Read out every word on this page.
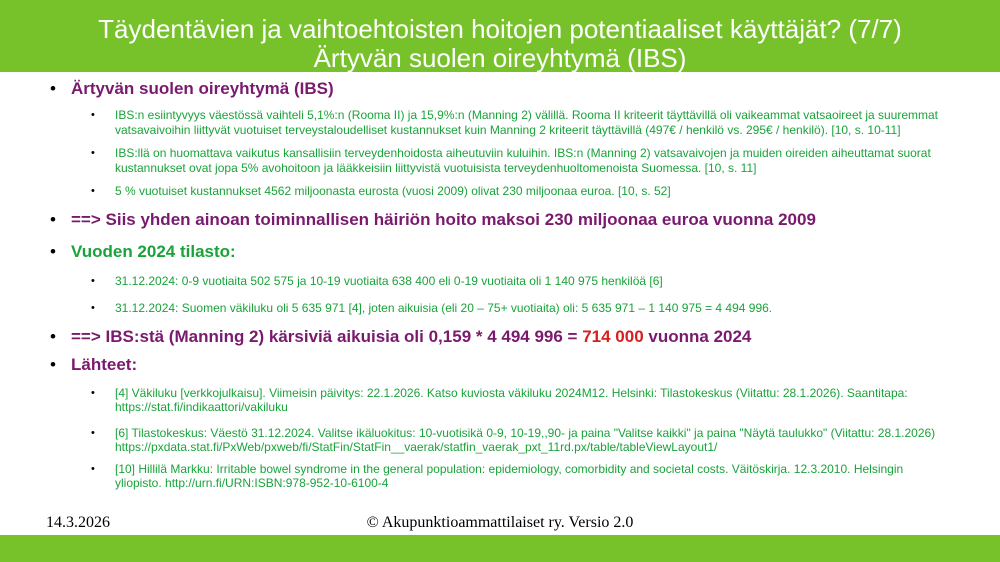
Täydentävien ja vaihtoehtoisten hoitojen potentiaaliset käyttäjät? (7/7)
Ärtyvän suolen oireyhtymä (IBS)
• Ärtyvän suolen oireyhtymä (IBS)
• IBS:n esiintyvyys väestössä vaihteli 5,1%:n (Rooma II) ja 15,9%:n (Manning 2) välillä. Rooma II kriteerit täyttävillä oli vaikeammat vatsaoireet ja suuremmat vatsavaivoihin liittyvät vuotuiset terveystaloudelliset kustannukset kuin Manning 2 kriteerit täyttävillä (497€ / henkilö vs. 295€ / henkilö). [10, s. 10-11]
• IBS:llä on huomattava vaikutus kansallisiin terveydenhoidosta aiheutuviin kuluihin. IBS:n (Manning 2) vatsavaivojen ja muiden oireiden aiheuttamat suorat kustannukset ovat jopa 5% avohoitoon ja lääkkeisiin liittyvistä vuotuisista terveydenhuoltomenoista Suomessa. [10, s. 11]
• 5 % vuotuiset kustannukset 4562 miljoonasta eurosta (vuosi 2009) olivat 230 miljoonaa euroa. [10, s. 52]
• ==> Siis yhden ainoan toiminnallisen häiriön hoito maksoi 230 miljoonaa euroa vuonna 2009
• Vuoden 2024 tilasto:
• 31.12.2024: 0-9 vuotiaita 502 575 ja 10-19 vuotiaita 638 400 eli 0-19 vuotiaita oli 1 140 975 henkilöä [6]
• 31.12.2024: Suomen väkiluku oli 5 635 971 [4], joten aikuisia (eli 20 – 75+ vuotiaita) oli: 5 635 971 – 1 140 975 = 4 494 996.
• ==> IBS:stä (Manning 2) kärsiviä aikuisia oli 0,159 * 4 494 996 = 714 000 vuonna 2024
• Lähteet:
• [4] Väkiluku [verkkojulkaisu]. Viimeisin päivitys: 22.1.2026. Katso kuviosta väkiluku 2024M12. Helsinki: Tilastokeskus (Viitattu: 28.1.2026). Saantitapa: https://stat.fi/indikaattori/vakiluku
• [6] Tilastokeskus: Väestö 31.12.2024. Valitse ikäluokitus: 10-vuotisikä 0-9, 10-19,,90- ja paina "Valitse kaikki" ja paina "Näytä taulukko" (Viitattu: 28.1.2026) https://pxdata.stat.fi/PxWeb/pxweb/fi/StatFin/StatFin__vaerak/statfin_vaerak_pxt_11rd.px/table/tableViewLayout1/
• [10] Hillilä Markku: Irritable bowel syndrome in the general population: epidemiology, comorbidity and societal costs. Väitöskirja. 12.3.2010. Helsingin yliopisto. http://urn.fi/URN:ISBN:978-952-10-6100-4
© Akupunktioammattilaiset ry. Versio 2.0
14.3.2026
